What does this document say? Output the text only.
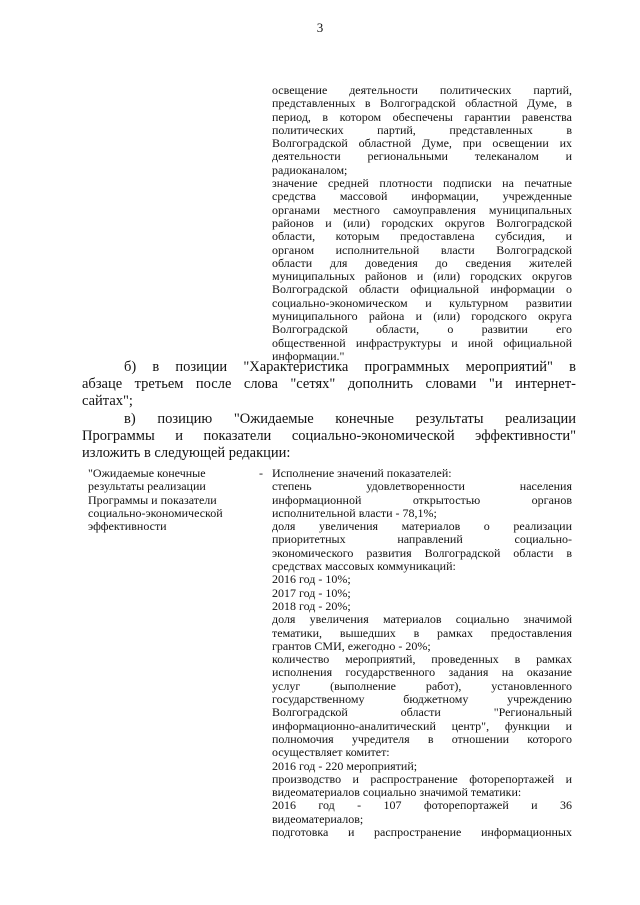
3
освещение деятельности политических партий,
представленных в Волгоградской областной Думе, в
период, в котором обеспечены гарантии равенства
политических партий, представленных в
Волгоградской областной Думе, при освещении их
деятельности региональными телеканалом и
радиоканалом;
значение средней плотности подписки на печатные
средства массовой информации, учрежденные
органами местного самоуправления муниципальных
районов и (или) городских округов Волгоградской
области, которым предоставлена субсидия, и
органом исполнительной власти Волгоградской
области для доведения до сведения жителей
муниципальных районов и (или) городских округов
Волгоградской области официальной информации о
социально-экономическом и культурном развитии
муниципального района и (или) городского округа
Волгоградской области, о развитии его
общественной инфраструктуры и иной официальной
информации."
б) в позиции "Характеристика программных мероприятий" в
абзаце третьем после слова "сетях" дополнить словами "и интернет-
сайтах";
в) позицию "Ожидаемые конечные результаты реализации
Программы и показатели социально-экономической эффективности"
изложить в следующей редакции:
"Ожидаемые конечные
результаты реализации
Программы и показатели
социально-экономической
эффективности
- Исполнение значений показателей:
степень удовлетворенности населения
информационной открытостью органов
исполнительной власти - 78,1%;
доля увеличения материалов о реализации
приоритетных направлений социально-
экономического развития Волгоградской области в
средствах массовых коммуникаций:
2016 год - 10%;
2017 год - 10%;
2018 год - 20%;
доля увеличения материалов социально значимой
тематики, вышедших в рамках предоставления
грантов СМИ, ежегодно - 20%;
количество мероприятий, проведенных в рамках
исполнения государственного задания на оказание
услуг (выполнение работ), установленного
государственному бюджетному учреждению
Волгоградской области "Региональный
информационно-аналитический центр", функции и
полномочия учредителя в отношении которого
осуществляет комитет:
2016 год - 220 мероприятий;
производство и распространение фоторепортажей и
видеоматериалов социально значимой тематики:
2016 год - 107 фоторепортажей и 36
видеоматериалов;
подготовка и распространение информационных
